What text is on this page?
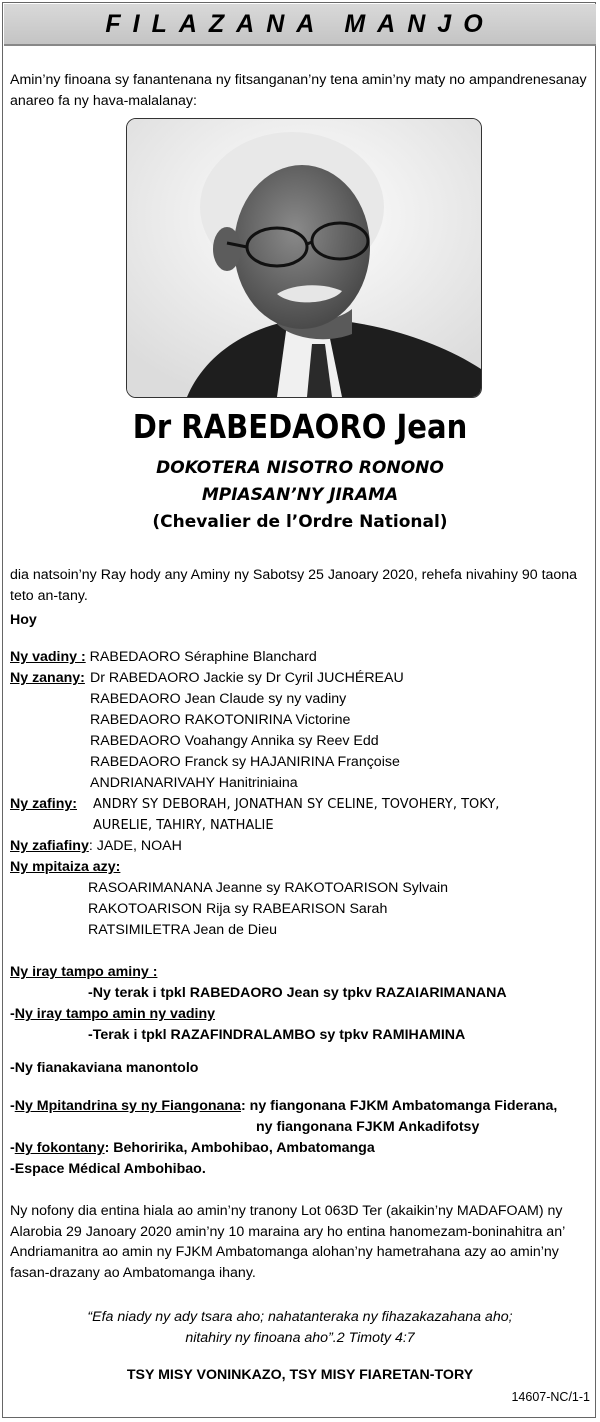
FILAZANA MANJO
Amin’ny finoana sy fanantenana ny fitsanganan’ny tena amin’ny maty no ampandrenesanay anareo fa ny hava-malalanay:
Dr RABEDAORO Jean
DOKOTERA NISOTRO RONONO
MPIASAN’NY JIRAMA
(Chevalier de l’Ordre National)
dia natsoin’ny Ray hody any Aminy ny Sabotsy 25 Janoary 2020, rehefa nivahiny 90 taona teto an-tany.
Hoy
Ny vadiny : RABEDAORO Séraphine Blanchard
Ny zanany: Dr RABEDAORO Jackie sy Dr Cyril JUCHÉREAU
RABEDAORO Jean Claude sy ny vadiny
RABEDAORO RAKOTONIRINA Victorine
RABEDAORO Voahangy Annika sy Reev Edd
RABEDAORO Franck sy HAJANIRINA Françoise
ANDRIANARIVAHY Hanitriniaina
Ny zafiny: ANDRY SY DEBORAH, JONATHAN SY CELINE, TOVOHERY, TOKY,
AURELIE, TAHIRY, NATHALIE
Ny zafiafiny: JADE, NOAH
Ny mpitaiza azy:
RASOARIMANANA Jeanne sy RAKOTOARISON Sylvain
RAKOTOARISON Rija sy RABEARISON Sarah
RATSIMILETRA Jean de Dieu
Ny iray tampo aminy :
-Ny terak i tpkl RABEDAORO Jean sy tpkv RAZAIARIMANANA
-Ny iray tampo amin ny vadiny
-Terak i tpkl RAZAFINDRALAMBO sy tpkv RAMIHAMINA
-Ny fianakaviana manontolo
-Ny Mpitandrina sy ny Fiangonana: ny fiangonana FJKM Ambatomanga Fiderana,
ny fiangonana FJKM Ankadifotsy
-Ny fokontany: Behoririka, Ambohibao, Ambatomanga
-Espace Médical Ambohibao.
Ny nofony dia entina hiala ao amin’ny tranony Lot 063D Ter (akaikin’ny MADAFOAM) ny Alarobia 29 Janoary 2020 amin’ny 10 maraina ary ho entina hanomezam-boninahitra an’ Andriamanitra ao amin ny FJKM Ambatomanga alohan’ny hametrahana azy ao amin’ny fasan-drazany ao Ambatomanga ihany.
“Efa niady ny ady tsara aho; nahatanteraka ny fihazakazahana aho;
nitahiry ny finoana aho”.2 Timoty 4:7
TSY MISY VONINKAZO, TSY MISY FIARETAN-TORY
14607-NC/1-1
